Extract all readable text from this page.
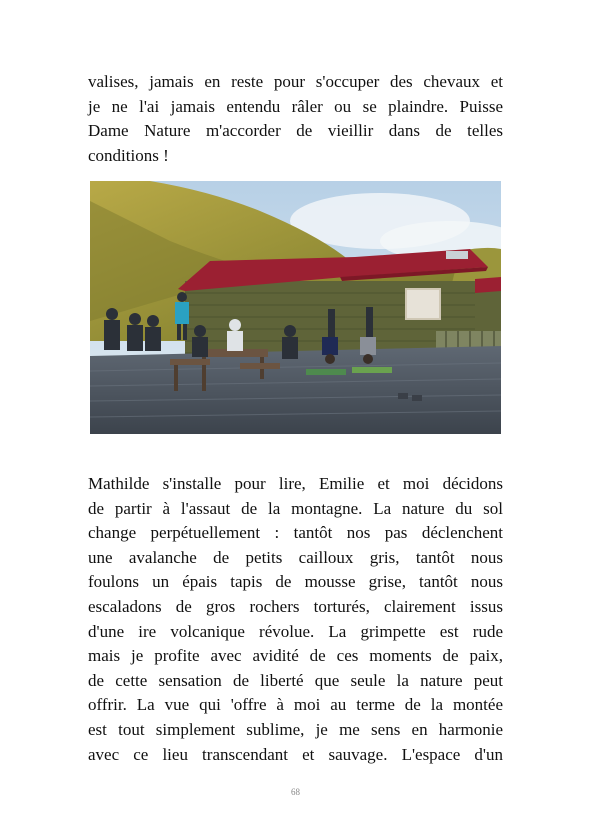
valises, jamais en reste pour s'occuper des chevaux et
je ne l'ai jamais entendu râler ou se plaindre. Puisse
Dame Nature m'accorder de vieillir dans de telles
conditions !
Mathilde s'installe pour lire, Emilie et moi décidons
de partir à l'assaut de la montagne. La nature du sol
change perpétuellement : tantôt nos pas déclenchent
une avalanche de petits cailloux gris, tantôt nous
foulons un épais tapis de mousse grise, tantôt nous
escaladons de gros rochers torturés, clairement issus
d'une ire volcanique révolue. La grimpette est rude
mais je profite avec avidité de ces moments de paix,
de cette sensation de liberté que seule la nature peut
offrir. La vue qui 'offre à moi au terme de la montée
est tout simplement sublime, je me sens en harmonie
avec ce lieu transcendant et sauvage. L'espace d'un
68
